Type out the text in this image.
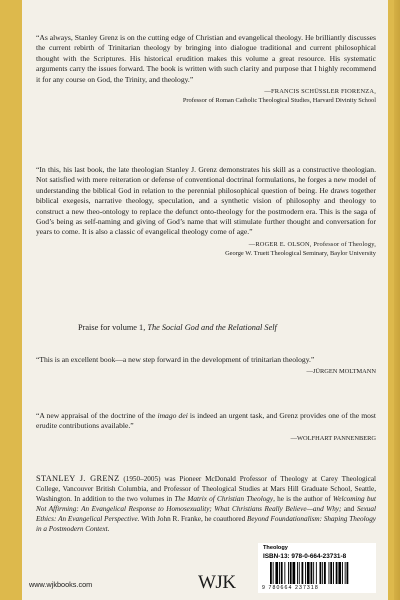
“As always, Stanley Grenz is on the cutting edge of Christian and evangelical theology. He brilliantly discusses the current rebirth of Trinitarian theology by bringing into dialogue traditional and current philosophical thought with the Scriptures. His historical erudition makes this volume a great resource. His systematic arguments carry the issues forward. The book is written with such clarity and purpose that I highly recommend it for any course on God, the Trinity, and theology.”

—FRANCIS SCHÜSSLER FIORENZA,
Professor of Roman Catholic Theological Studies, Harvard Divinity School

“In this, his last book, the late theologian Stanley J. Grenz demonstrates his skill as a constructive theologian. Not satisfied with mere reiteration or defense of conventional doctrinal formulations, he forges a new model of understanding the biblical God in relation to the perennial philosophical question of being. He draws together biblical exegesis, narrative theology, speculation, and a synthetic vision of philosophy and theology to construct a new theo-ontology to replace the defunct onto-theology for the postmodern era. This is the saga of God’s being as self-naming and giving of God’s name that will stimulate further thought and conversation for years to come. It is also a classic of evangelical theology come of age.”

—ROGER E. OLSON, Professor of Theology,
George W. Truett Theological Seminary, Baylor University

Praise for volume 1, The Social God and the Relational Self

“This is an excellent book—a new step forward in the development of trinitarian theology.”

—JÜRGEN MOLTMANN

“A new appraisal of the doctrine of the imago dei is indeed an urgent task, and Grenz provides one of the most erudite contributions available.”

—WOLFHART PANNENBERG

STANLEY J. GRENZ (1950–2005) was Pioneer McDonald Professor of Theology at Carey Theological College, Vancouver British Columbia, and Professor of Theological Studies at Mars Hill Graduate School, Seattle, Washington. In addition to the two volumes in The Matrix of Christian Theology, he is the author of Welcoming but Not Affirming: An Evangelical Response to Homosexuality; What Christians Really Believe—and Why; and Sexual Ethics: An Evangelical Perspective. With John R. Franke, he coauthored Beyond Foundationalism: Shaping Theology in a Postmodern Context.
www.wjkbooks.com	WJK
Theology
ISBN-13: 978-0-664-23731-8
9 780664 237318
